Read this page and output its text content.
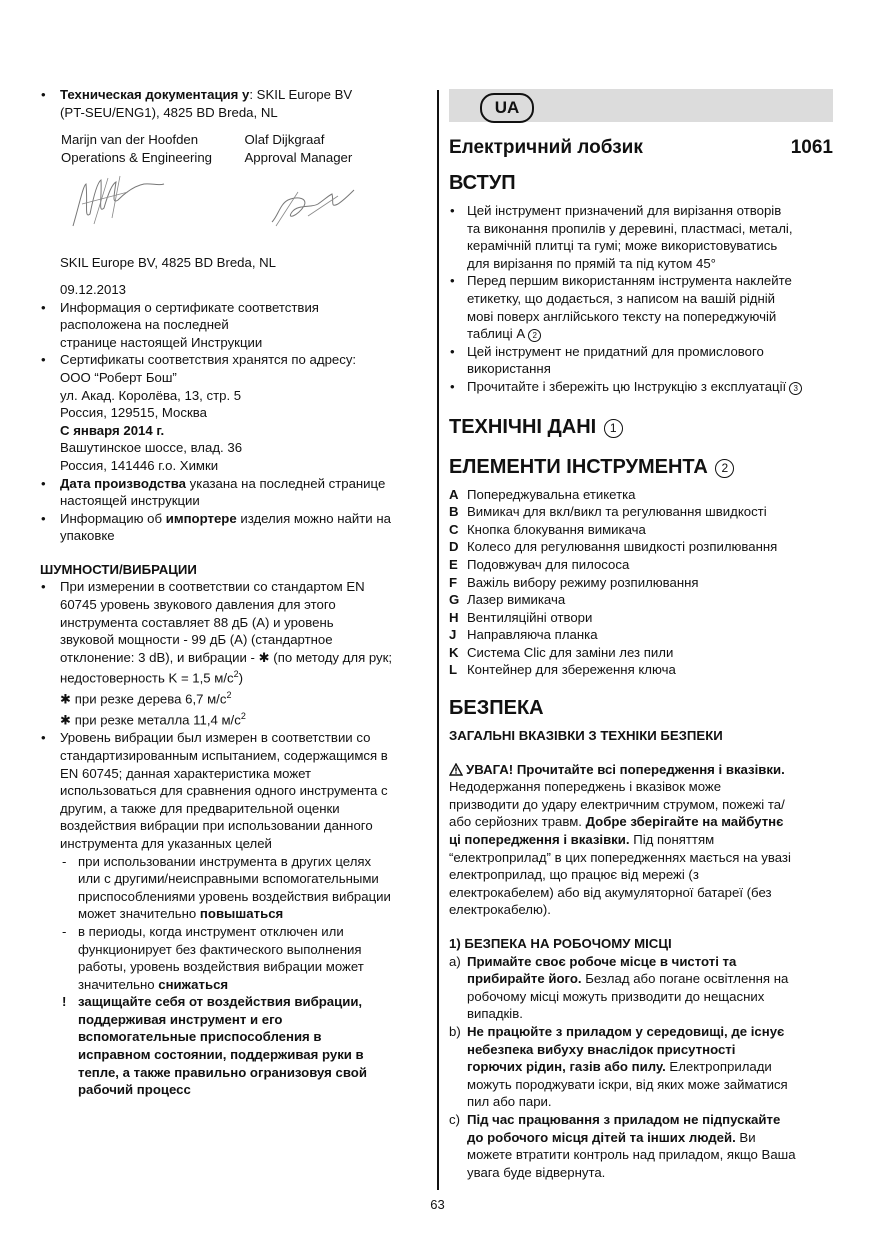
• Техническая документация у: SKIL Europe BV

(PT-SEU/ENG1), 4825 BD Breda, NL

Marijn van der Hoofden

Operations & Engineering

Olaf Dijkgraaf

Approval Manager

SKIL Europe BV, 4825 BD Breda, NL

09.12.2013

• Информация о сертификате соответствия

расположена на последней

странице настоящей Инструкции

• Сертификаты соответствия хранятся по адресу:

ООО “Роберт Бош”

ул. Акад. Королёва, 13, стр. 5

Россия, 129515, Москва

С января 2014 г.

Вашутинское шоссе, влад. 36

Россия, 141446 г.о. Химки

• Дата производства указана на последней странице

настоящей инструкции

• Информацию об импортере изделия можно найти на

упаковке

ШУМНОСТИ/ВИБРАЦИИ

• При измерении в соответствии со стандартом EN

60745 уровень звукового давления для этого

инструмента составляет 88 дБ (A) и уровень

звуковой мощности - 99 дБ (A) (стандартное

отклонение: 3 dB), и вибрации - ✱ (по методу для рук;

недостоверность K = 1,5 $м/с^2$)

✱ при резке дерева 6,7 $м/с^2$

✱ при резке металла 11,4 $м/с^2$

• Уровень вибрации был измерен в соответствии со

стандартизированным испытанием, содержащимся в

EN 60745; данная характеристика может

использоваться для сравнения одного инструмента с

другим, а также для предварительной оценки

воздействия вибрации при использовании данного

инструмента для указанных целей

- при использовании инструмента в других целях

или с другими/неисправными вспомогательными

приспособлениями уровень воздействия вибрации

может значительно повышаться

- в периоды, когда инструмент отключен или

функционирует без фактического выполнения

работы, уровень воздействия вибрации может

значительно снижаться

! защищайте себя от воздействия вибрации,

поддерживая инструмент и его

вспомогательные приспособления в

исправном состоянии, поддерживая руки в

тепле, а также правильно огранизовуя свой

рабочий процесс

UA
Електричний лобзик	1061

ВСТУП

• Цей інструмент призначений для вирізання отворів

та виконання пропилів у деревині, пластмасі, металі,

керамічній плитці та гумі; може використовуватись

для вирізання по прямій та під кутом 45°

• Перед першим використанням інструмента наклейте

етикетку, що додається, з написом на вашій рідній

мові поверх англійського тексту на попереджуючій

таблиці A 2

• Цей інструмент не придатний для промислового

використання

• Прочитайте і збережіть цю Інструкцію з експлуатації 3

ТЕХНІЧНІ ДАНІ 1

ЕЛЕМЕНТИ ІНСТРУМЕНТА 2

A Попереджувальна етикетка
B Вимикач для вкл/викл та регулювання швидкості
C Кнопка блокування вимикача
D Колесо для регулювання швидкості розпилювання
E Подовжувач для пилососа
F Важіль вибору режиму розпилювання
G Лазер вимикача
H Вентиляційні отвори
J Направляюча планка
K Система Clic для заміни лез пили
L Контейнер для збереження ключа

БЕЗПЕКА

ЗАГАЛЬНІ ВКАЗІВКИ З ТЕХНІКИ БЕЗПЕКИ

УВАГА! Прочитайте всі попередження і вказівки.

Недодержання попереджень і вказівок може

призводити до удару електричним струмом, пожежі та/

або серйозних травм. Добре зберігайте на майбутнє

ці попередження і вказівки. Під поняттям

“електроприлад” в цих попередженнях мається на увазі

електроприлад, що працює від мережі (з

електрокабелем) або від акумуляторної батареї (без

електрокабелю).

1) БЕЗПЕКА НА РОБОЧОМУ МІСЦІ

a) Примайте своє робоче місце в чистоті та

прибирайте його. Безлад або погане освітлення на

робочому місці можуть призводити до нещасних

випадків.

b) Не працюйте з приладом у середовищі, де існує

небезпека вибуху внаслідок присутності

горючих рідин, газів або пилу. Електроприлади

можуть породжувати іскри, від яких може займатися

пил або пари.

c) Під час працювання з приладом не підпускайте

до робочого місця дітей та інших людей. Ви

можете втратити контроль над приладом, якщо Ваша

увага буде відвернута.

63
